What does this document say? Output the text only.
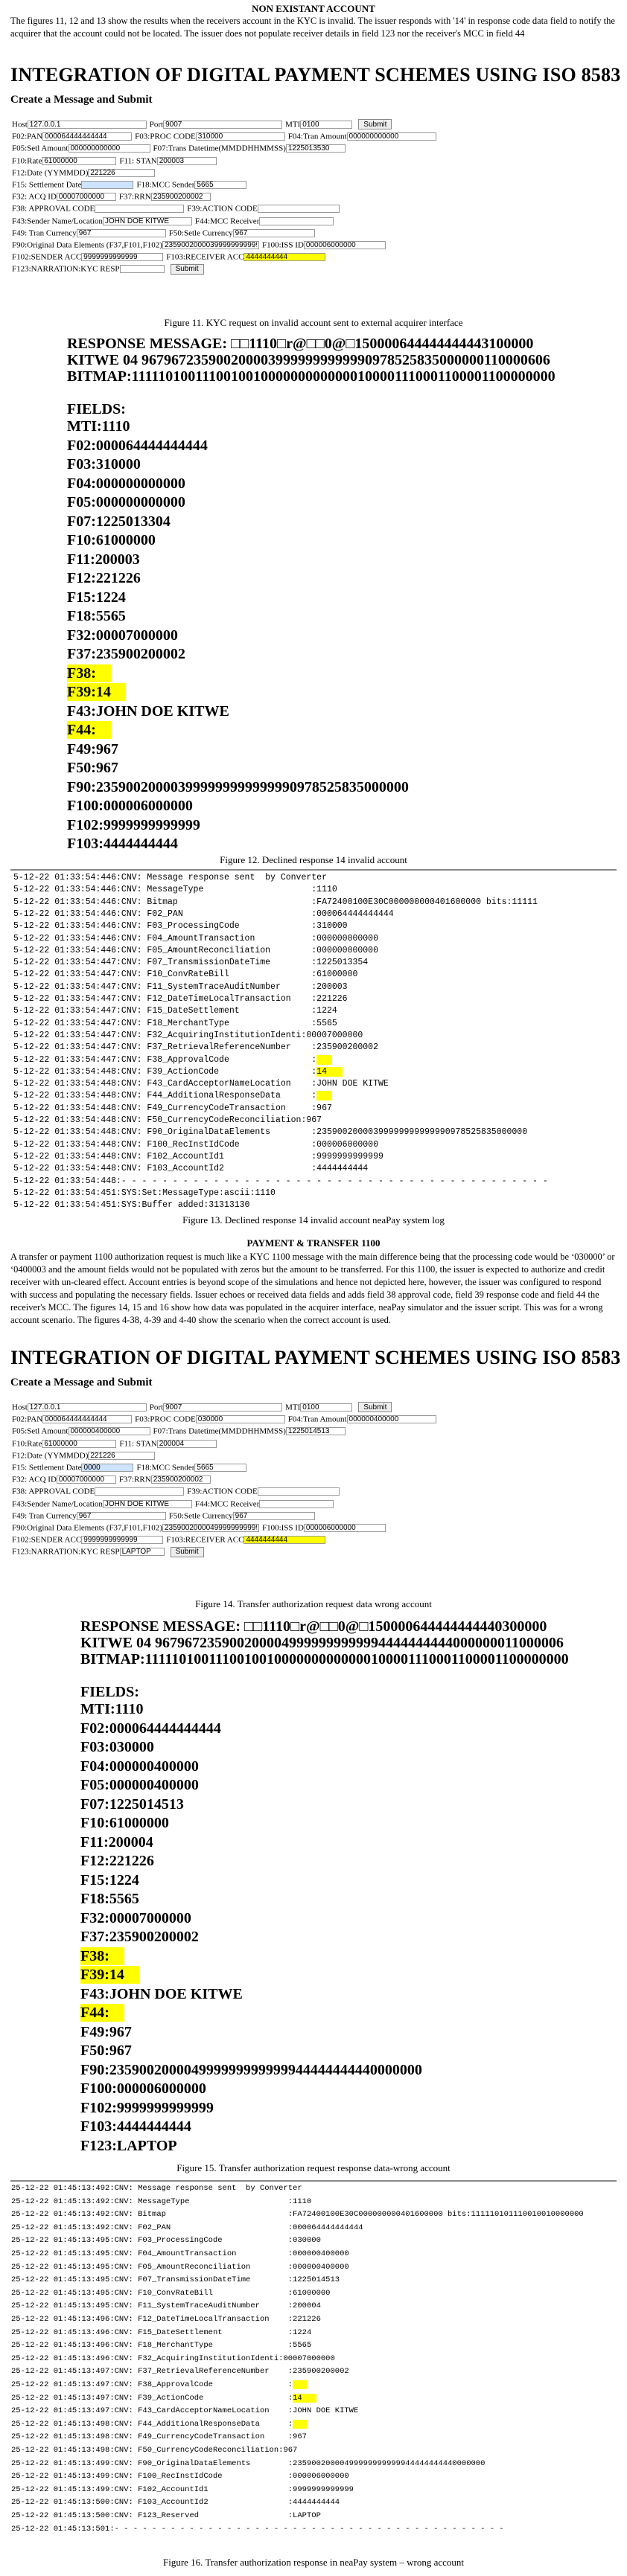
NON EXISTANT ACCOUNT
The figures 11, 12 and 13 show the results when the receivers account in the KYC is invalid. The issuer responds with '14' in response code data field to notify the acquirer that the account could not be located. The issuer does not populate receiver details in field 123 nor the receiver's MCC in field 44
INTEGRATION OF DIGITAL PAYMENT SCHEMES USING ISO 8583
Create a Message and Submit
Host127.0.0.1	Port9007	MTI0100	Submit
F02:PAN000064444444444	F03:PROC CODE310000	F04:Tran Amount000000000000
F05:Setl Amount000000000000	F07:Trans Datetime(MMDDHHMMSS)1225013530
F10:Rate61000000	F11: STAN200003
F12:Date (YYMMDD)221226
F15: Settlement Date	F18:MCC Sender5665
F32: ACQ ID00007000000	F37:RRN235900200002
F38: APPROVAL CODE	F39:ACTION CODE
F43:Sender Name/LocationJOHN DOE KITWE	F44:MCC Receiver
F49: Tran Currency967	F50:Setle Currency967
F90:Original Data Elements (F37,F101,F102)23590020000399999999999999	F100:ISS ID000006000000
F102:SENDER ACC9999999999999	F103:RECEIVER ACC4444444444
F123:NARRATION:KYC RESP	Submit
Figure 11. KYC request on invalid account sent to external acquirer interface
RESPONSE MESSAGE: □□1110□r@□□0@□150000644444444443100000
KITWE 04 9679672359002000039999999999990978525835000000110000606
BITMAP:1111101001110010010000000000000100001110001100001100000000
FIELDS:
MTI:1110
F02:000064444444444
F03:310000
F04:000000000000
F05:000000000000
F07:1225013304
F10:61000000
F11:200003
F12:221226
F15:1224
F18:5565
F32:00007000000
F37:235900200002
F38:
F39:14
F43:JOHN DOE KITWE
F44:
F49:967
F50:967
F90:235900200003999999999999990978525835000000
F100:000006000000
F102:9999999999999
F103:4444444444
Figure 12. Declined response 14 invalid account
5-12-22 01:33:54:446:CNV: Message response sent  by Converter
5-12-22 01:33:54:446:CNV: MessageType                     :1110
5-12-22 01:33:54:446:CNV: Bitmap                          :FA72400100E30C000000000401600000 bits:11111
5-12-22 01:33:54:446:CNV: F02_PAN                         :000064444444444
5-12-22 01:33:54:446:CNV: F03_ProcessingCode              :310000
5-12-22 01:33:54:446:CNV: F04_AmountTransaction           :000000000000
5-12-22 01:33:54:446:CNV: F05_AmountReconciliation        :000000000000
5-12-22 01:33:54:447:CNV: F07_TransmissionDateTime        :1225013354
5-12-22 01:33:54:447:CNV: F10_ConvRateBill                :61000000
5-12-22 01:33:54:447:CNV: F11_SystemTraceAuditNumber      :200003
5-12-22 01:33:54:447:CNV: F12_DateTimeLocalTransaction    :221226
5-12-22 01:33:54:447:CNV: F15_DateSettlement              :1224
5-12-22 01:33:54:447:CNV: F18_MerchantType                :5565
5-12-22 01:33:54:447:CNV: F32_AcquiringInstitutionIdenti:00007000000
5-12-22 01:33:54:447:CNV: F37_RetrievalReferenceNumber    :235900200002
5-12-22 01:33:54:447:CNV: F38_ApprovalCode                :
5-12-22 01:33:54:448:CNV: F39_ActionCode                  :14
5-12-22 01:33:54:448:CNV: F43_CardAcceptorNameLocation    :JOHN DOE KITWE
5-12-22 01:33:54:448:CNV: F44_AdditionalResponseData      :
5-12-22 01:33:54:448:CNV: F49_CurrencyCodeTransaction     :967
5-12-22 01:33:54:448:CNV: F50_CurrencyCodeReconciliation:967
5-12-22 01:33:54:448:CNV: F90_OriginalDataElements        :23590020000399999999999990978525835000000
5-12-22 01:33:54:448:CNV: F100_RecInstIdCode              :000006000000
5-12-22 01:33:54:448:CNV: F102_AccountId1                 :9999999999999
5-12-22 01:33:54:448:CNV: F103_AccountId2                 :4444444444
5-12-22 01:33:54:448:- - - - - - - - - - - - - - - - - - - - - - - - - - - - - - - - - - - - - - - - - -
5-12-22 01:33:54:451:SYS:Set:MessageType:ascii:1110
5-12-22 01:33:54:451:SYS:Buffer added:31313130
Figure 13. Declined response 14 invalid account neaPay system log
PAYMENT & TRANSFER 1100
A transfer or payment 1100 authorization request is much like a KYC 1100 message with the main difference being that the processing code would be ‘030000’ or ‘0400003 and the amount fields would not be populated with zeros but the amount to be transferred. For this 1100, the issuer is expected to authorize and credit receiver with un-cleared effect. Account entries is beyond scope of the simulations and hence not depicted here, however, the issuer was configured to respond with success and populating the necessary fields. Issuer echoes or received data fields and adds field 38 approval code, field 39 response code and field 44 the receiver's MCC. The figures 14, 15 and 16 show how data was populated in the acquirer interface, neaPay simulator and the issuer script. This was for a wrong account scenario. The figures 4-38, 4-39 and 4-40 show the scenario when the correct account is used.
INTEGRATION OF DIGITAL PAYMENT SCHEMES USING ISO 8583
Create a Message and Submit
Host127.0.0.1	Port9007	MTI0100	Submit
F02:PAN000064444444444	F03:PROC CODE030000	F04:Tran Amount000000400000
F05:Setl Amount000000400000	F07:Trans Datetime(MMDDHHMMSS)1225014513
F10:Rate61000000	F11: STAN200004
F12:Date (YYMMDD)221226
F15: Settlement Date0000	F18:MCC Sender5665
F32: ACQ ID00007000000	F37:RRN235900200002
F38: APPROVAL CODE	F39:ACTION CODE
F43:Sender Name/LocationJOHN DOE KITWE	F44:MCC Receiver
F49: Tran Currency967	F50:Setle Currency967
F90:Original Data Elements (F37,F101,F102)23590020000499999999999999	F100:ISS ID000006000000
F102:SENDER ACC9999999999999	F103:RECEIVER ACC4444444444
F123:NARRATION:KYC RESPLAPTOP	Submit
Figure 14. Transfer authorization request data wrong account
RESPONSE MESSAGE: □□1110□r@□□0@□150000644444444440300000
KITWE 04 9679672359002000049999999999994444444444000000011000006
BITMAP:1111101001110010010000000000000100001110001100001100000000
FIELDS:
MTI:1110
F02:000064444444444
F03:030000
F04:000000400000
F05:000000400000
F07:1225014513
F10:61000000
F11:200004
F12:221226
F15:1224
F18:5565
F32:00007000000
F37:235900200002
F38:
F39:14
F43:JOHN DOE KITWE
F44:
F49:967
F50:967
F90:235900200004999999999999944444444440000000
F100:000006000000
F102:9999999999999
F103:4444444444
F123:LAPTOP
Figure 15. Transfer authorization request response data-wrong account
25-12-22 01:45:13:492:CNV: Message response sent  by Converter
25-12-22 01:45:13:492:CNV: MessageType                     :1110
25-12-22 01:45:13:492:CNV: Bitmap                          :FA72400100E30C000000000401600000 bits:111110101110010010000000
25-12-22 01:45:13:492:CNV: F02_PAN                         :000064444444444
25-12-22 01:45:13:495:CNV: F03_ProcessingCode              :030000
25-12-22 01:45:13:495:CNV: F04_AmountTransaction           :000000400000
25-12-22 01:45:13:495:CNV: F05_AmountReconciliation        :000000400000
25-12-22 01:45:13:495:CNV: F07_TransmissionDateTime        :1225014513
25-12-22 01:45:13:495:CNV: F10_ConvRateBill                :61000000
25-12-22 01:45:13:495:CNV: F11_SystemTraceAuditNumber      :200004
25-12-22 01:45:13:496:CNV: F12_DateTimeLocalTransaction    :221226
25-12-22 01:45:13:496:CNV: F15_DateSettlement              :1224
25-12-22 01:45:13:496:CNV: F18_MerchantType                :5565
25-12-22 01:45:13:496:CNV: F32_AcquiringInstitutionIdenti:00007000000
25-12-22 01:45:13:497:CNV: F37_RetrievalReferenceNumber    :235900200002
25-12-22 01:45:13:497:CNV: F38_ApprovalCode                :
25-12-22 01:45:13:497:CNV: F39_ActionCode                  :14
25-12-22 01:45:13:497:CNV: F43_CardAcceptorNameLocation    :JOHN DOE KITWE
25-12-22 01:45:13:498:CNV: F44_AdditionalResponseData      :
25-12-22 01:45:13:498:CNV: F49_CurrencyCodeTransaction     :967
25-12-22 01:45:13:498:CNV: F50_CurrencyCodeReconciliation:967
25-12-22 01:45:13:499:CNV: F90_OriginalDataElements        :23590020000499999999999944444444440000000
25-12-22 01:45:13:499:CNV: F100_RecInstIdCode              :000006000000
25-12-22 01:45:13:499:CNV: F102_AccountId1                 :9999999999999
25-12-22 01:45:13:500:CNV: F103_AccountId2                 :4444444444
25-12-22 01:45:13:500:CNV: F123_Reserved                   :LAPTOP
25-12-22 01:45:13:501:- - - - - - - - - - - - - - - - - - - - - - - - - - - - - - - - - - - - - - - - - -
Figure 16. Transfer authorization response in neaPay system – wrong account
